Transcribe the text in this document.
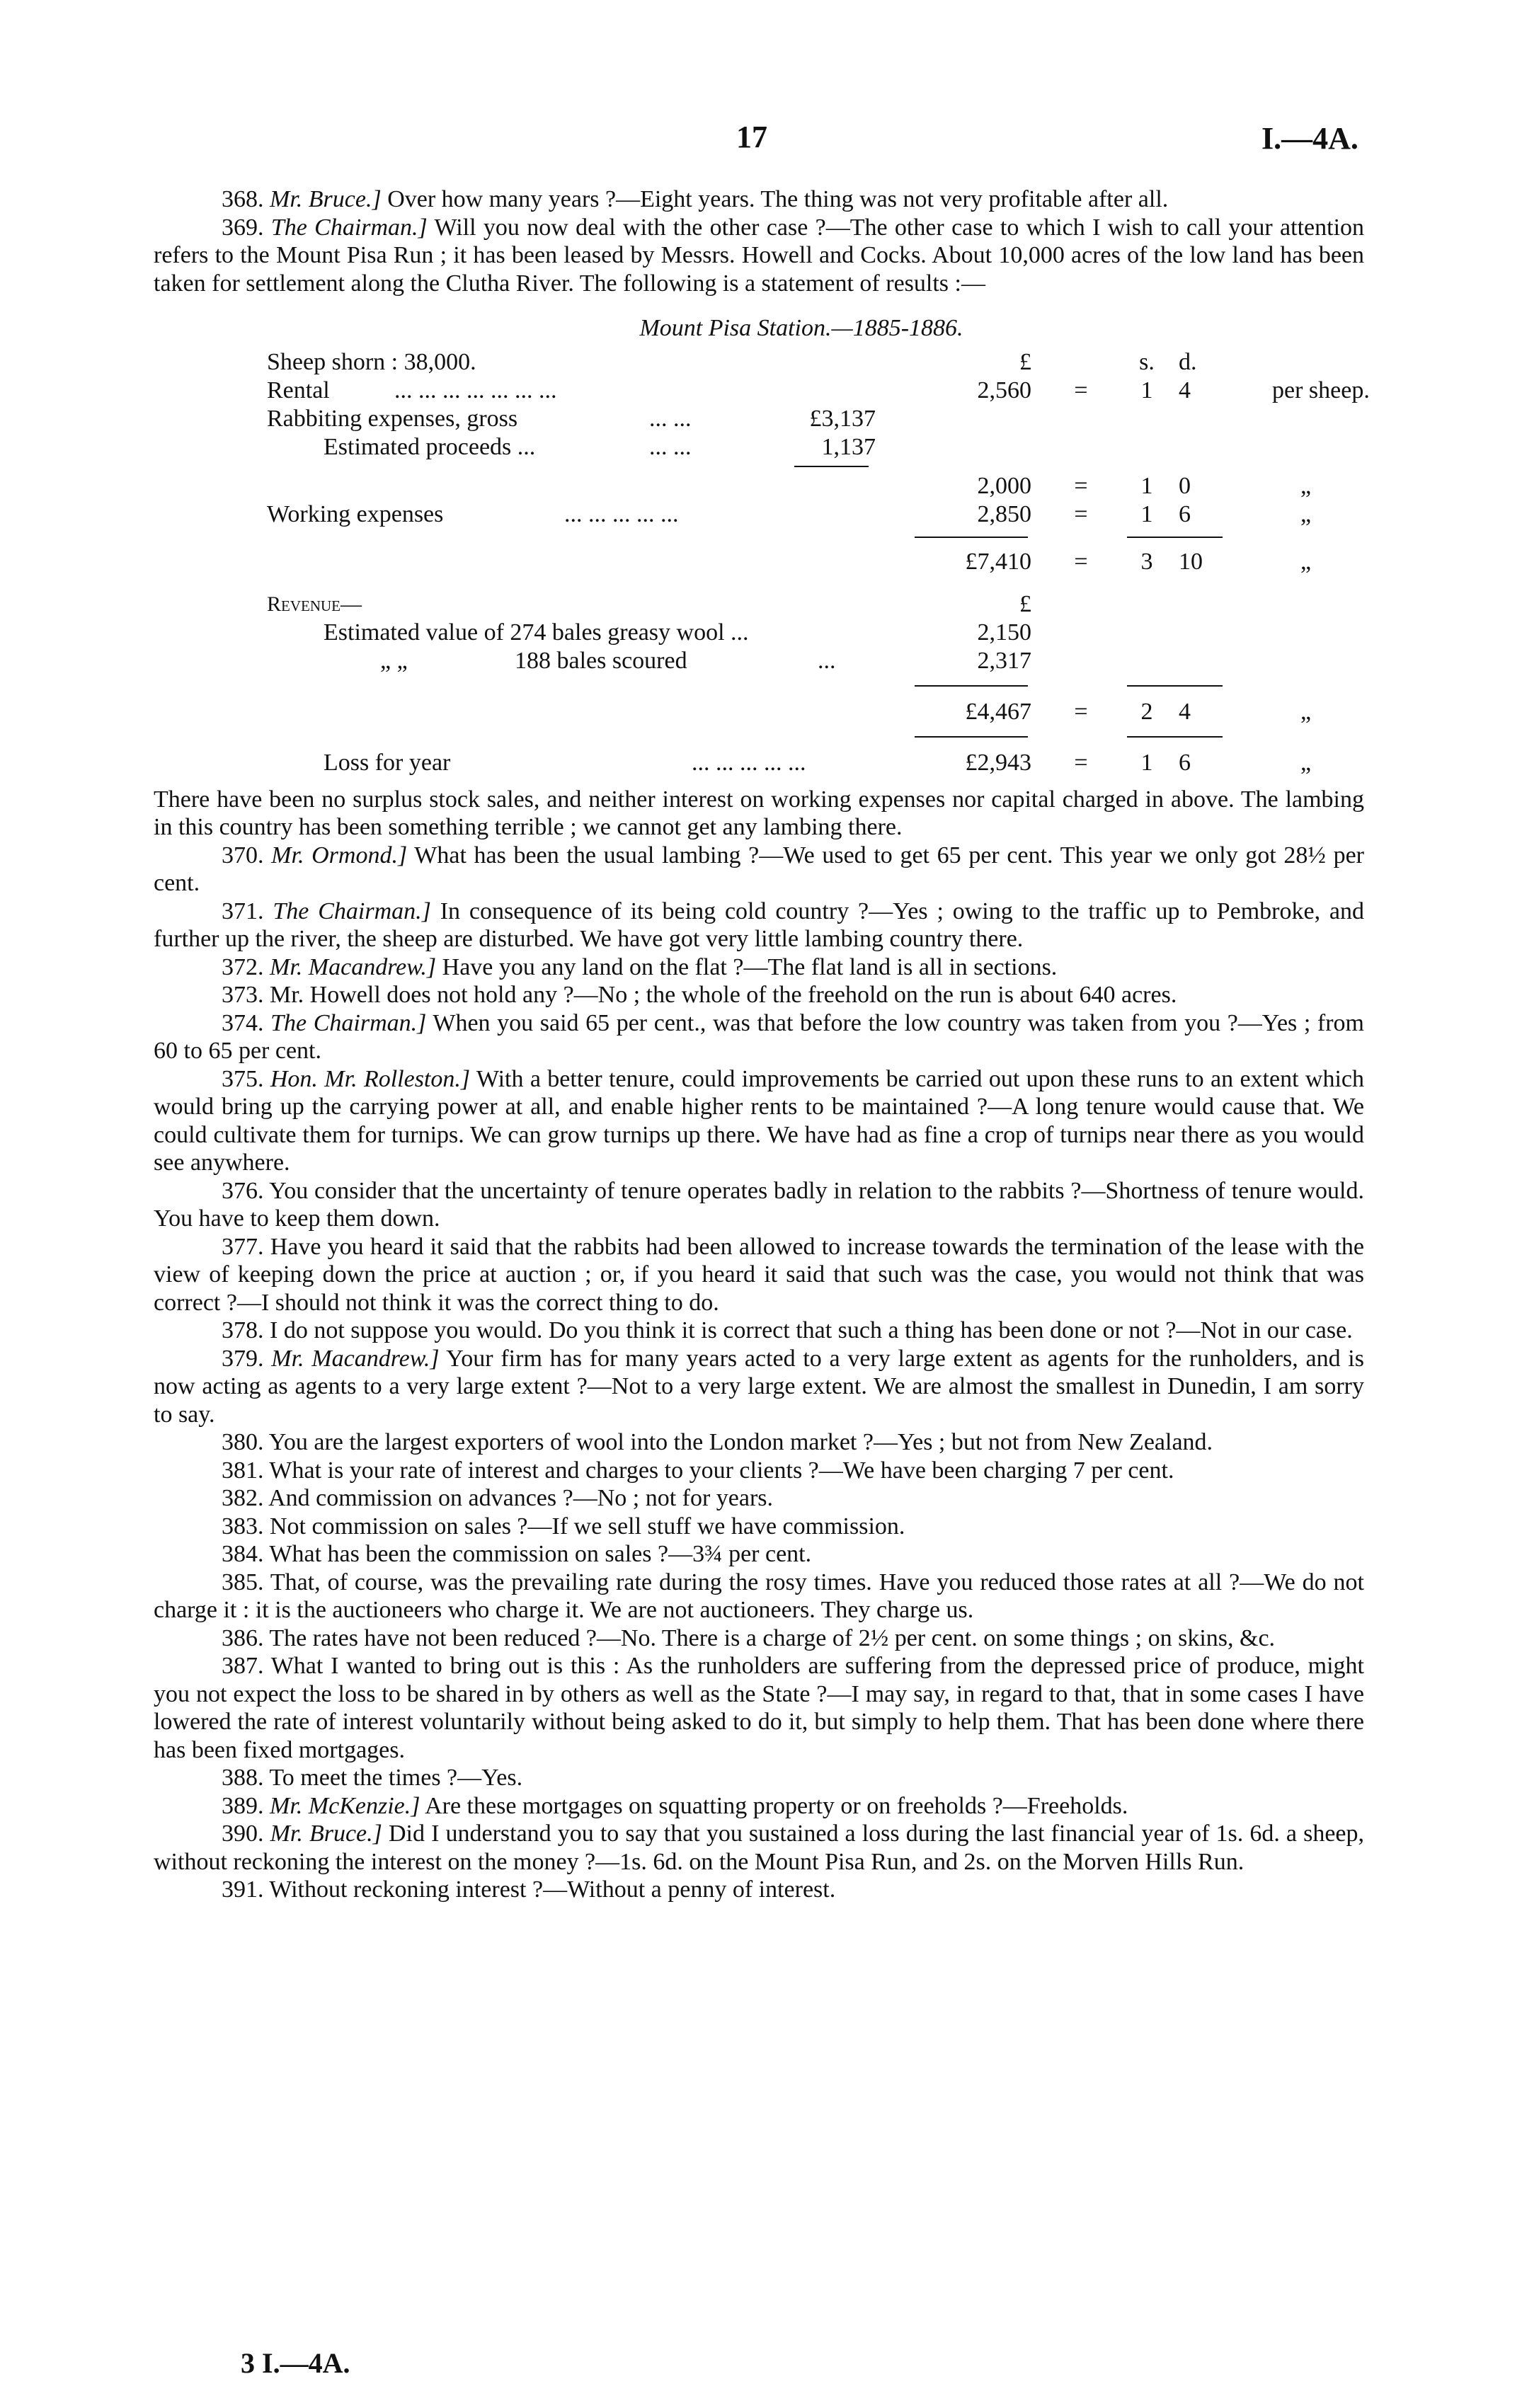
17	I.—4A.

368. Mr. Bruce.] Over how many years ?—Eight years. The thing was not very profitable after all.

369. The Chairman.] Will you now deal with the other case ?—The other case to which I wish to call your attention refers to the Mount Pisa Run ; it has been leased by Messrs. Howell and Cocks. About 10,000 acres of the low land has been taken for settlement along the Clutha River. The following is a statement of results :—

Mount Pisa Station.—1885-1886.

Sheep shorn : 38,000.	£	s.	d.
Rental	... ... ... ... ... ... ...	2,560	=	1	4	per sheep.
Rabbiting expenses, gross	... ...	£3,137
Estimated proceeds ...	... ...	1,137
2,000	=	1	0	„
Working expenses	... ... ... ... ...	2,850	=	1	6	„
£7,410	=	3	10	„
Revenue—	£
Estimated value of 274 bales greasy wool ...	2,150
„ „	188 bales scoured	...	2,317
£4,467	=	2	4	„
Loss for year	... ... ... ... ...	£2,943	=	1	6	„

There have been no surplus stock sales, and neither interest on working expenses nor capital charged in above. The lambing in this country has been something terrible ; we cannot get any lambing there.

370. Mr. Ormond.] What has been the usual lambing ?—We used to get 65 per cent. This year we only got 28½ per cent.

371. The Chairman.] In consequence of its being cold country ?—Yes ; owing to the traffic up to Pembroke, and further up the river, the sheep are disturbed. We have got very little lambing country there.

372. Mr. Macandrew.] Have you any land on the flat ?—The flat land is all in sections.

373. Mr. Howell does not hold any ?—No ; the whole of the freehold on the run is about 640 acres.

374. The Chairman.] When you said 65 per cent., was that before the low country was taken from you ?—Yes ; from 60 to 65 per cent.

375. Hon. Mr. Rolleston.] With a better tenure, could improvements be carried out upon these runs to an extent which would bring up the carrying power at all, and enable higher rents to be maintained ?—A long tenure would cause that. We could cultivate them for turnips. We can grow turnips up there. We have had as fine a crop of turnips near there as you would see anywhere.

376. You consider that the uncertainty of tenure operates badly in relation to the rabbits ?—Shortness of tenure would. You have to keep them down.

377. Have you heard it said that the rabbits had been allowed to increase towards the termination of the lease with the view of keeping down the price at auction ; or, if you heard it said that such was the case, you would not think that was correct ?—I should not think it was the correct thing to do.

378. I do not suppose you would. Do you think it is correct that such a thing has been done or not ?—Not in our case.

379. Mr. Macandrew.] Your firm has for many years acted to a very large extent as agents for the runholders, and is now acting as agents to a very large extent ?—Not to a very large extent. We are almost the smallest in Dunedin, I am sorry to say.

380. You are the largest exporters of wool into the London market ?—Yes ; but not from New Zealand.

381. What is your rate of interest and charges to your clients ?—We have been charging 7 per cent.

382. And commission on advances ?—No ; not for years.

383. Not commission on sales ?—If we sell stuff we have commission.

384. What has been the commission on sales ?—3¾ per cent.

385. That, of course, was the prevailing rate during the rosy times. Have you reduced those rates at all ?—We do not charge it : it is the auctioneers who charge it. We are not auctioneers. They charge us.

386. The rates have not been reduced ?—No. There is a charge of 2½ per cent. on some things ; on skins, &c.

387. What I wanted to bring out is this : As the runholders are suffering from the depressed price of produce, might you not expect the loss to be shared in by others as well as the State ?—I may say, in regard to that, that in some cases I have lowered the rate of interest voluntarily without being asked to do it, but simply to help them. That has been done where there has been fixed mortgages.

388. To meet the times ?—Yes.

389. Mr. McKenzie.] Are these mortgages on squatting property or on freeholds ?—Freeholds.

390. Mr. Bruce.] Did I understand you to say that you sustained a loss during the last financial year of 1s. 6d. a sheep, without reckoning the interest on the money ?—1s. 6d. on the Mount Pisa Run, and 2s. on the Morven Hills Run.

391. Without reckoning interest ?—Without a penny of interest.

3 I.—4A.
